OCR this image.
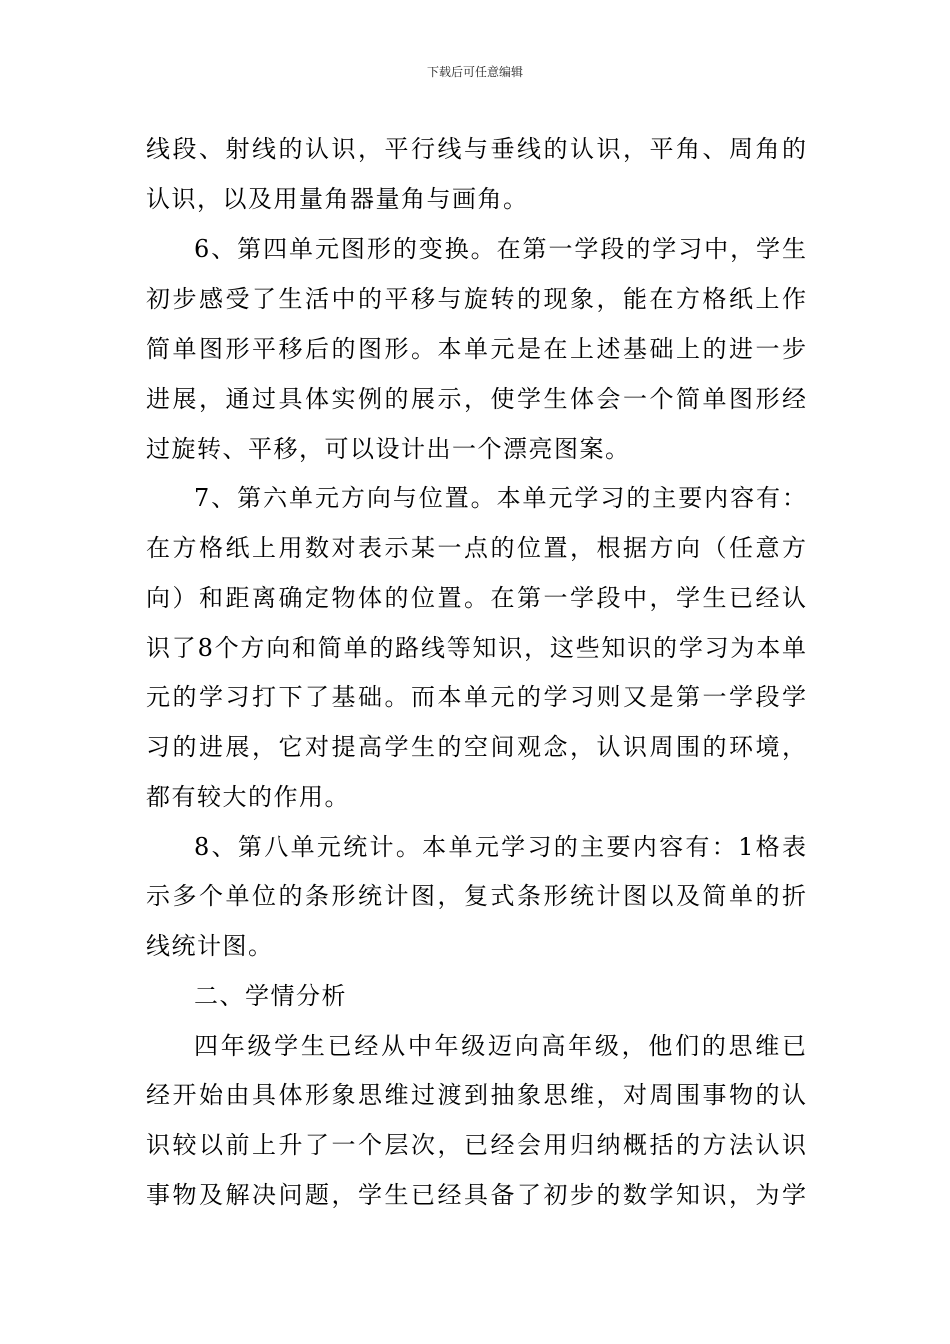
下载后可任意编辑
线段、射线的认识，平行线与垂线的认识，平角、周角的
认识，以及用量角器量角与画角。
6、第四单元图形的变换。在第一学段的学习中，学生
初步感受了生活中的平移与旋转的现象，能在方格纸上作
简单图形平移后的图形。本单元是在上述基础上的进一步
进展，通过具体实例的展示，使学生体会一个简单图形经
过旋转、平移，可以设计出一个漂亮图案。
7、第六单元方向与位置。本单元学习的主要内容有：
在方格纸上用数对表示某一点的位置，根据方向（任意方
向）和距离确定物体的位置。在第一学段中，学生已经认
识了8个方向和简单的路线等知识，这些知识的学习为本单
元的学习打下了基础。而本单元的学习则又是第一学段学
习的进展，它对提高学生的空间观念，认识周围的环境，
都有较大的作用。
8、第八单元统计。本单元学习的主要内容有：1格表
示多个单位的条形统计图，复式条形统计图以及简单的折
线统计图。
二、学情分析
四年级学生已经从中年级迈向高年级，他们的思维已
经开始由具体形象思维过渡到抽象思维，对周围事物的认
识较以前上升了一个层次，已经会用归纳概括的方法认识
事物及解决问题，学生已经具备了初步的数学知识，为学
